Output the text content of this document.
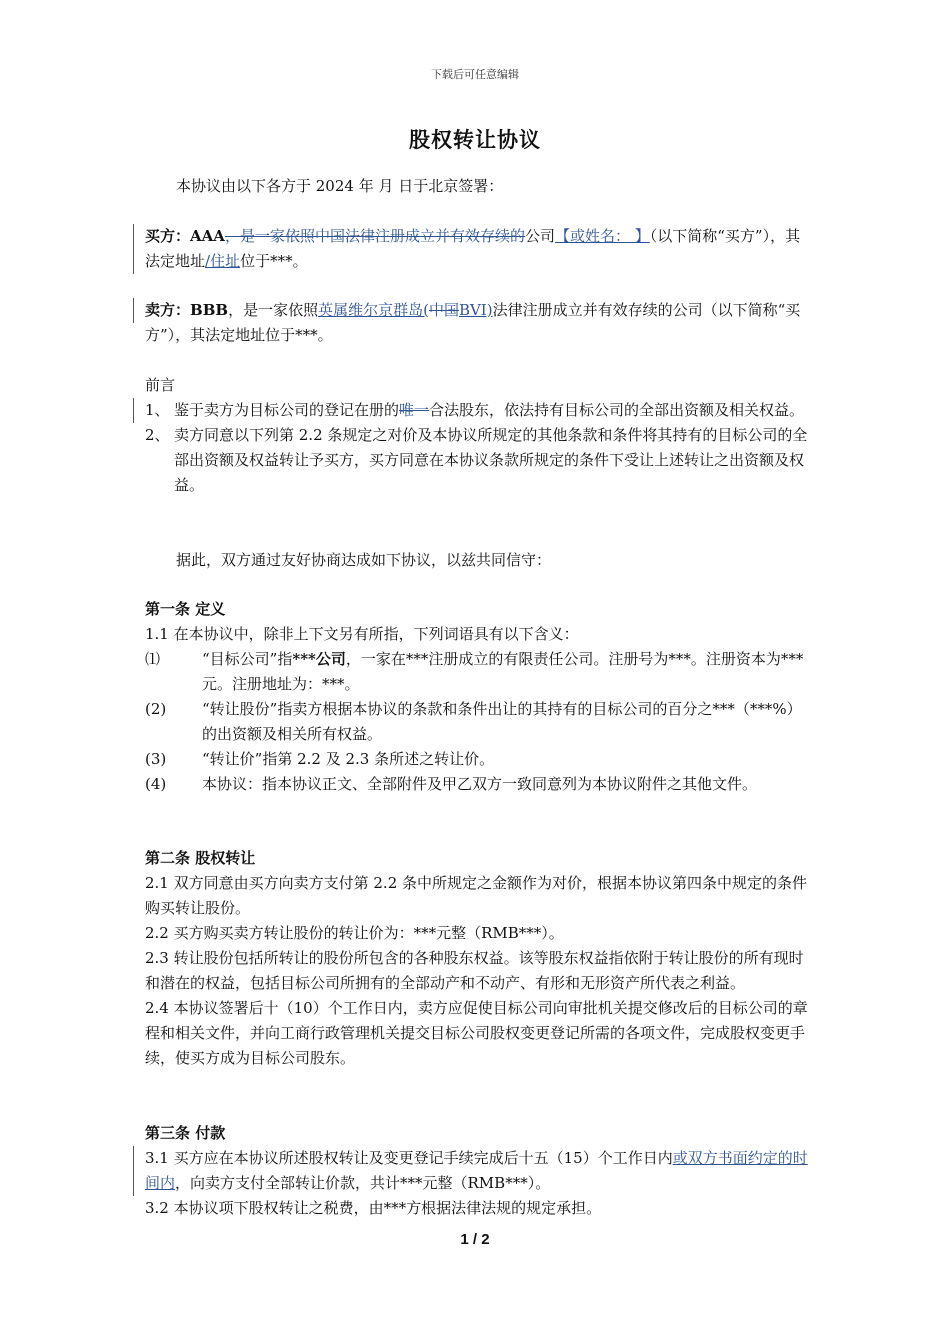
下载后可任意编辑
股权转让协议

本协议由以下各方于 2024 年 月 日于北京签署：

买方：AAA，是一家依照中国法律注册成立并有效存续的公司【或姓名： 】（以下简称“买方”），其法定地址/住址位于***。

卖方：BBB，是一家依照英属维尔京群岛(中国BVI)法律注册成立并有效存续的公司（以下简称“买方”），其法定地址位于***。

前言

1、 鉴于卖方为目标公司的登记在册的唯一合法股东，依法持有目标公司的全部出资额及相关权益。
2、 卖方同意以下列第 2.2 条规定之对价及本协议所规定的其他条款和条件将其持有的目标公司的全部出资额及权益转让予买方，买方同意在本协议条款所规定的条件下受让上述转让之出资额及权益。

据此，双方通过友好协商达成如下协议，以兹共同信守：

第一条 定义

1.1 在本协议中，除非上下文另有所指，下列词语具有以下含义：

⑴	“目标公司”指***公司，一家在***注册成立的有限责任公司。注册号为***。注册资本为***元。注册地址为：***。
(2) “转让股份”指卖方根据本协议的条款和条件出让的其持有的目标公司的百分之***（***%）的出资额及相关所有权益。
(3) “转让价”指第 2.2 及 2.3 条所述之转让价。
(4) 本协议：指本协议正文、全部附件及甲乙双方一致同意列为本协议附件之其他文件。

第二条 股权转让

2.1 双方同意由买方向卖方支付第 2.2 条中所规定之金额作为对价，根据本协议第四条中规定的条件购买转让股份。

2.2 买方购买卖方转让股份的转让价为：***元整（RMB***）。

2.3 转让股份包括所转让的股份所包含的各种股东权益。该等股东权益指依附于转让股份的所有现时和潜在的权益，包括目标公司所拥有的全部动产和不动产、有形和无形资产所代表之利益。

2.4 本协议签署后十（10）个工作日内，卖方应促使目标公司向审批机关提交修改后的目标公司的章程和相关文件，并向工商行政管理机关提交目标公司股权变更登记所需的各项文件，完成股权变更手续，使买方成为目标公司股东。

第三条 付款

3.1 买方应在本协议所述股权转让及变更登记手续完成后十五（15）个工作日内或双方书面约定的时间内，向卖方支付全部转让价款，共计***元整（RMB***）。

3.2 本协议项下股权转让之税费，由***方根据法律法规的规定承担。

1 / 2
